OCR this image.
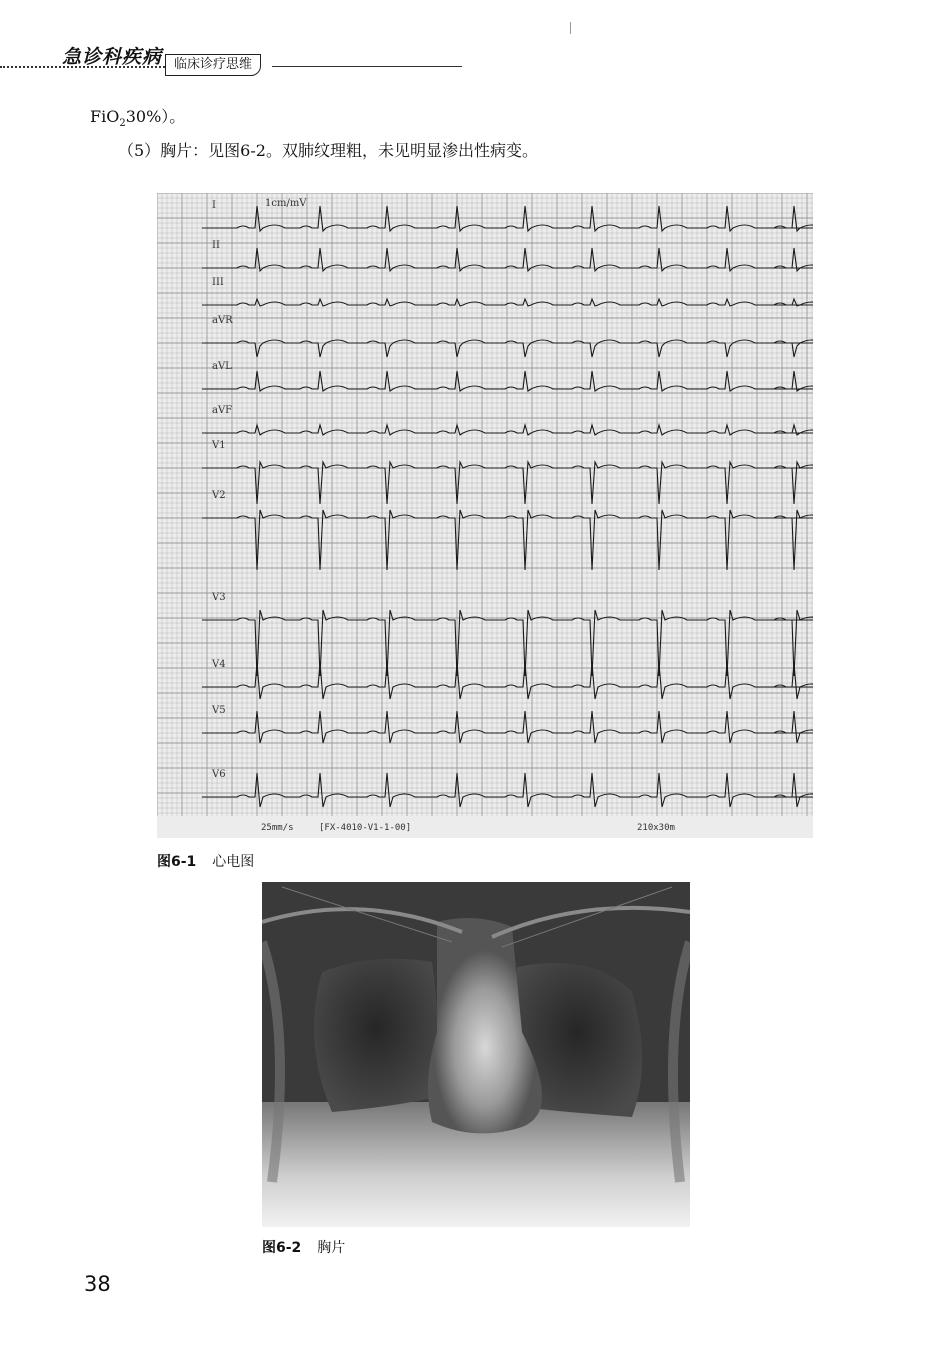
急诊科疾病 临床诊疗思维
FiO$_2$30%）。
（5）胸片：见图6-2。双肺纹理粗，未见明显渗出性病变。
I
II
III
aVR
aVL
aVF
V1
V2
V3
V4
V5
V6
1cm/mV
25mm/s	[FX-4010-V1-1-00]	210x30m
图6-1 心电图
图6-2 胸片
38
